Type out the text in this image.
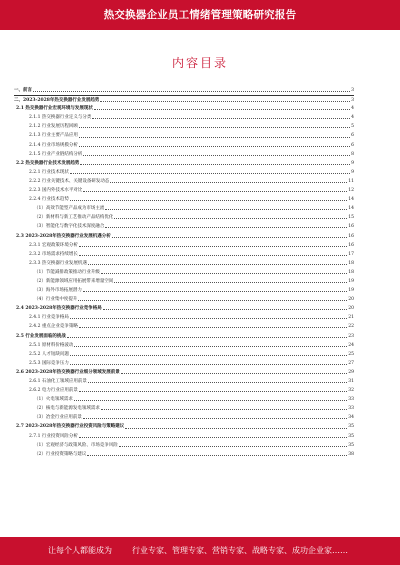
热交换器企业员工情绪管理策略研究报告
内容目录
一、前言	3
二、2023-2028年热交换器行业发展趋势	3
2.1 热交换器行业宏观环境与发展现状	4
2.1.1 热交换器行业定义与分类	4
2.1.2 行业发展历程回顾	5
2.1.3 行业主要产品应用	6
2.1.4 行业市场规模分析	6
2.1.5 行业产业链结构分析	8
2.2 热交换器行业技术发展趋势	9
2.2.1 行业技术现状	9
2.2.2 行业关键技术、关键设备研发动态	11
2.2.3 国内外技术水平对比	12
2.2.4 行业技术趋势	14
（1）高效节能型产品成为市场主流	14
（2）新材料与新工艺推动产品结构优化	15
（3）智能化与数字化技术深度融合	16
2.3 2023-2028年热交换器行业发展机遇分析	16
2.3.1 宏观政策环境分析	16
2.3.2 市场需求持续增长	17
2.3.3 热交换器行业发展机遇	18
（1）节能减排政策推动行业升级	18
（2）新能源领域应用拓展带来增量空间	19
（3）海外市场拓展潜力	19
（4）行业集中度提升	20
2.4 2023-2028年热交换器行业竞争格局	20
2.4.1 行业竞争格局	21
2.4.2 重点企业竞争策略	22
2.5 行业发展面临的挑战	23
2.5.1 原材料价格波动	24
2.5.2 人才短缺问题	25
2.5.3 国际竞争压力	27
2.6 2023-2028年热交换器行业细分领域发展前景	29
2.6.1 石油化工领域应用前景	31
2.6.2 电力行业应用前景	32
（1）火电领域需求	33
（2）核电与新能源发电领域需求	33
（3）冶金行业应用前景	34
2.7 2023-2028年热交换器行业投资风险与策略建议	35
2.7.1 行业投资风险分析	35
（1）宏观经济与政策风险、市场竞争风险	35
（2）行业投资策略与建议	38
让每个人都能成为	行业专家、管理专家、营销专家、战略专家、成功企业家……
